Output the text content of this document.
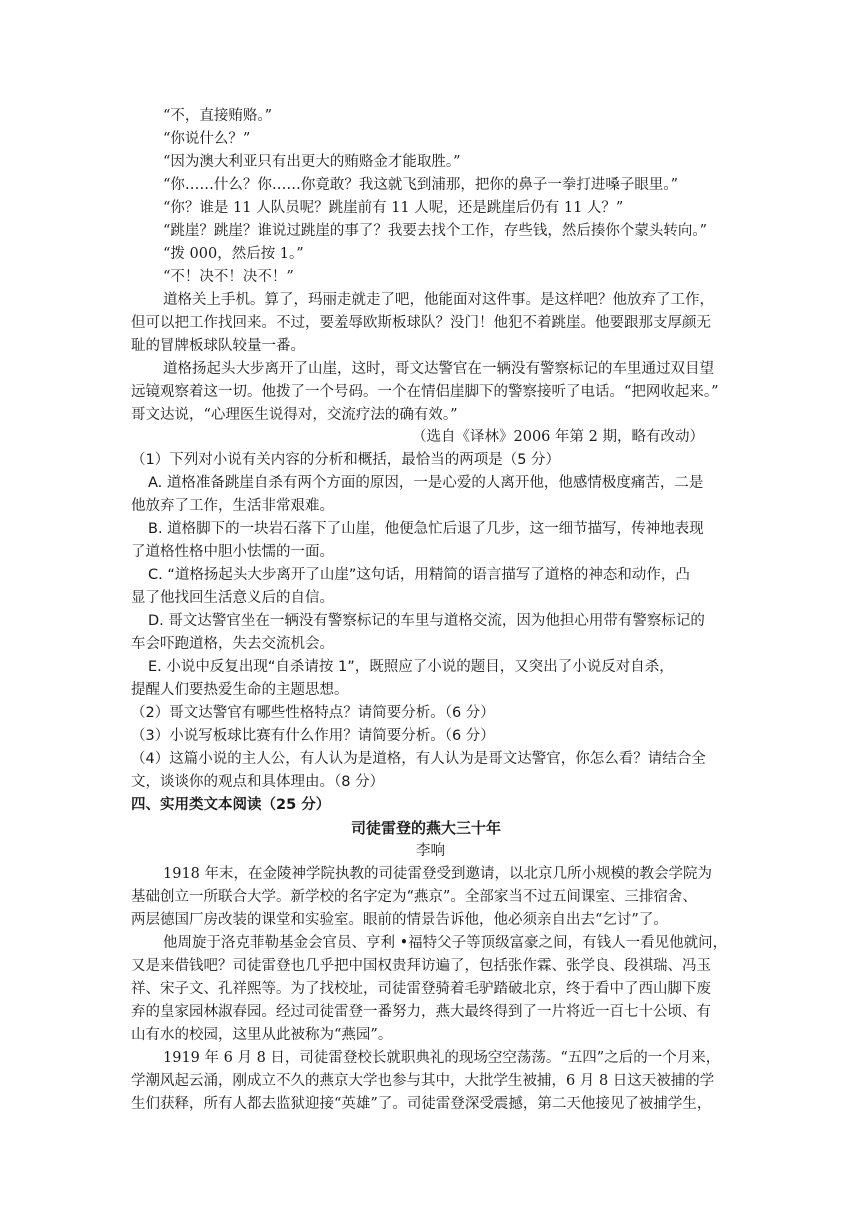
“不，直接贿赂。”
“你说什么？”
“因为澳大利亚只有出更大的贿赂金才能取胜。”
“你……什么？你……你竟敢？我这就飞到浦那，把你的鼻子一拳打进嗓子眼里。”
“你？谁是 11 人队员呢？跳崖前有 11 人呢，还是跳崖后仍有 11 人？”
“跳崖？跳崖？谁说过跳崖的事了？我要去找个工作，存些钱，然后揍你个蒙头转向。”
“拨 000，然后按 1。”
“不！决不！决不！”
道格关上手机。算了，玛丽走就走了吧，他能面对这件事。是这样吧？他放弃了工作，
但可以把工作找回来。不过，要羞辱欧斯板球队？没门！他犯不着跳崖。他要跟那支厚颜无
耻的冒牌板球队较量一番。
道格扬起头大步离开了山崖，这时，哥文达警官在一辆没有警察标记的车里通过双目望
远镜观察着这一切。他拨了一个号码。一个在情侣崖脚下的警察接听了电话。“把网收起来。”
哥文达说，“心理医生说得对，交流疗法的确有效。”
（选自《译林》2006 年第 2 期，略有改动）
（1）下列对小说有关内容的分析和概括，最恰当的两项是（5 分）
A. 道格准备跳崖自杀有两个方面的原因，一是心爱的人离开他，他感情极度痛苦，二是
他放弃了工作，生活非常艰难。
B. 道格脚下的一块岩石落下了山崖，他便急忙后退了几步，这一细节描写，传神地表现
了道格性格中胆小怯懦的一面。
C. “道格扬起头大步离开了山崖”这句话，用精简的语言描写了道格的神态和动作，凸
显了他找回生活意义后的自信。
D. 哥文达警官坐在一辆没有警察标记的车里与道格交流，因为他担心用带有警察标记的
车会吓跑道格，失去交流机会。
E. 小说中反复出现“自杀请按 1”，既照应了小说的题目，又突出了小说反对自杀，
提醒人们要热爱生命的主题思想。
（2）哥文达警官有哪些性格特点？请简要分析。（6 分）
（3）小说写板球比赛有什么作用？请简要分析。（6 分）
（4）这篇小说的主人公，有人认为是道格，有人认为是哥文达警官，你怎么看？请结合全
文，谈谈你的观点和具体理由。（8 分）
四、实用类文本阅读（25 分）
司徒雷登的燕大三十年
李响
1918 年末，在金陵神学院执教的司徒雷登受到邀请，以北京几所小规模的教会学院为
基础创立一所联合大学。新学校的名字定为“燕京”。全部家当不过五间课室、三排宿舍、
两层德国厂房改装的课堂和实验室。眼前的情景告诉他，他必须亲自出去“乞讨”了。
他周旋于洛克菲勒基金会官员、亨利 •福特父子等顶级富豪之间，有钱人一看见他就问，
又是来借钱吧？司徒雷登也几乎把中国权贵拜访遍了，包括张作霖、张学良、段祺瑞、冯玉
祥、宋子文、孔祥熙等。为了找校址，司徒雷登骑着毛驴踏破北京，终于看中了西山脚下废
弃的皇家园林淑春园。经过司徒雷登一番努力，燕大最终得到了一片将近一百七十公顷、有
山有水的校园，这里从此被称为“燕园”。
1919 年 6 月 8 日，司徒雷登校长就职典礼的现场空空荡荡。“五四”之后的一个月来，
学潮风起云涌，刚成立不久的燕京大学也参与其中，大批学生被捕，6 月 8 日这天被捕的学
生们获释，所有人都去监狱迎接“英雄”了。司徒雷登深受震撼，第二天他接见了被捕学生，
